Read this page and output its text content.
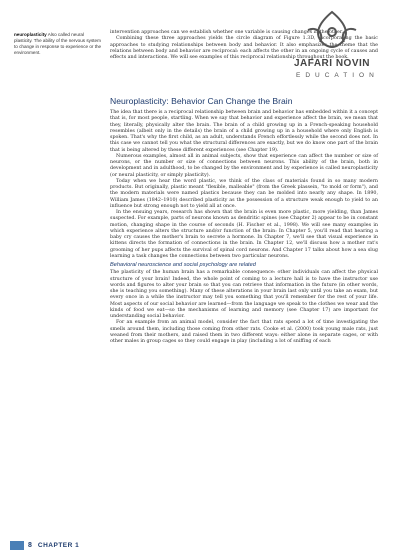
neuroplasticity Also called neural plasticity. The ability of the nervous system to change in response to experience or the environment.

intervention approaches can we establish whether one variable is causing changes in the other.

Combining these three approaches yields the circle diagram of Figure 1.3D, incorporating the basic approaches to studying relationships between body and behavior. It also emphasizes the theme that the relations between body and behavior are reciprocal: each affects the other in an ongoing cycle of causes and effects and interactions. We will see examples of this reciprocal relationship throughout the book.

JAFARI NOVIN
EDUCATION
Neuroplasticity: Behavior Can Change the Brain

The idea that there is a reciprocal relationship between brain and behavior has embedded within it a concept that is, for most people, startling. When we say that behavior and experience affect the brain, we mean that they, literally, physically alter the brain. The brain of a child growing up in a French-speaking household resembles (albeit only in the details) the brain of a child growing up in a household where only English is spoken. That's why the first child, as an adult, understands French effortlessly while the second does not. In this case we cannot tell you what the structural differences are exactly, but we do know one part of the brain that is being altered by these different experiences (see Chapter 19).

Numerous examples, almost all in animal subjects, show that experience can affect the number or size of neurons, or the number or size of connections between neurons. This ability of the brain, both in development and in adulthood, to be changed by the environment and by experience is called neuroplasticity (or neural plasticity, or simply plasticity).

Today when we hear the word plastic, we think of the class of materials found in so many modern products. But originally, plastic meant "flexible, malleable" (from the Greek plassein, "to mold or form"), and the modern materials were named plastics because they can be molded into nearly any shape. In 1890, William James (1842–1910) described plasticity as the possession of a structure weak enough to yield to an influence but strong enough not to yield all at once.

In the ensuing years, research has shown that the brain is even more plastic, more yielding, than James suspected. For example, parts of neurons known as dendritic spines (see Chapter 2) appear to be in constant motion, changing shape in the course of seconds (H. Fischer et al., 1998). We will see many examples in which experience alters the structure and/or function of the brain: In Chapter 5, you'll read that hearing a baby cry causes the mother's brain to secrete a hormone. In Chapter 7, we'll see that visual experience in kittens directs the formation of connections in the brain. In Chapter 12, we'll discuss how a mother rat's grooming of her pups affects the survival of spinal cord neurons. And Chapter 17 talks about how a sea slug learning a task changes the connections between two particular neurons.

Behavioral neuroscience and social psychology are related

The plasticity of the human brain has a remarkable consequence: other individuals can affect the physical structure of your brain! Indeed, the whole point of coming to a lecture hall is to have the instructor use words and figures to alter your brain so that you can retrieve that information in the future (in other words, she is teaching you something). Many of these alterations in your brain last only until you take an exam, but every once in a while the instructor may tell you something that you'll remember for the rest of your life. Most aspects of our social behavior are learned—from the language we speak to the clothes we wear and the kinds of food we eat—so the mechanisms of learning and memory (see Chapter 17) are important for understanding social behavior.

For an example from an animal model, consider the fact that rats spend a lot of time investigating the smells around them, including those coming from other rats. Cooke et al. (2000) took young male rats, just weaned from their mothers, and raised them in two different ways: either alone in separate cages, or with other males in group cages so they could engage in play (including a lot of sniffing of each

8 CHAPTER 1
